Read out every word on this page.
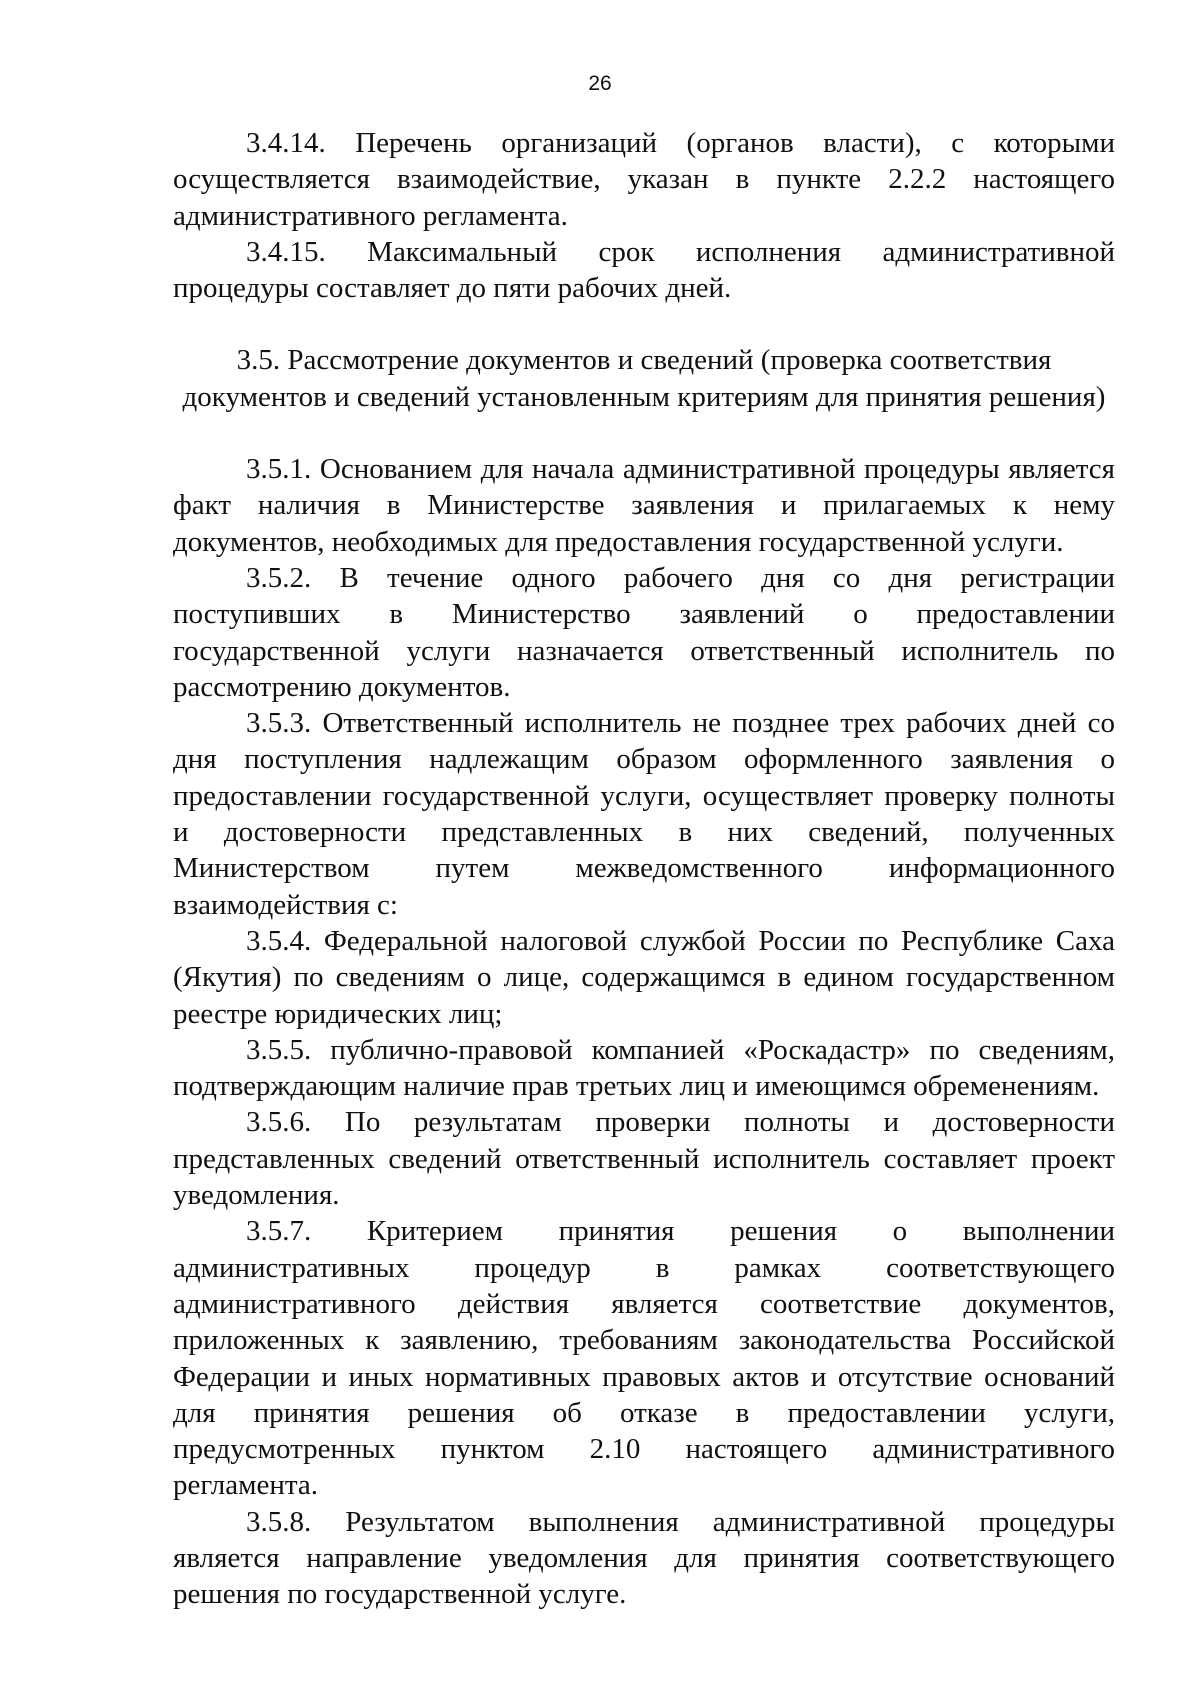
26

3.4.14. Перечень организаций (органов власти), с которыми осуществляется взаимодействие, указан в пункте 2.2.2 настоящего административного регламента.

3.4.15. Максимальный срок исполнения административной процедуры составляет до пяти рабочих дней.

3.5. Рассмотрение документов и сведений (проверка соответствия
документов и сведений установленным критериям для принятия решения)

3.5.1. Основанием для начала административной процедуры является факт наличия в Министерстве заявления и прилагаемых к нему документов, необходимых для предоставления государственной услуги.

3.5.2. В течение одного рабочего дня со дня регистрации поступивших в Министерство заявлений о предоставлении государственной услуги назначается ответственный исполнитель по рассмотрению документов.

3.5.3. Ответственный исполнитель не позднее трех рабочих дней со дня поступления надлежащим образом оформленного заявления о предоставлении государственной услуги, осуществляет проверку полноты и достоверности представленных в них сведений, полученных Министерством путем межведомственного информационного взаимодействия с:

3.5.4. Федеральной налоговой службой России по Республике Саха (Якутия) по сведениям о лице, содержащимся в едином государственном реестре юридических лиц;

3.5.5. публично-правовой компанией «Роскадастр» по сведениям, подтверждающим наличие прав третьих лиц и имеющимся обременениям.

3.5.6. По результатам проверки полноты и достоверности представленных сведений ответственный исполнитель составляет проект уведомления.

3.5.7. Критерием принятия решения о выполнении административных процедур в рамках соответствующего административного действия является соответствие документов, приложенных к заявлению, требованиям законодательства Российской Федерации и иных нормативных правовых актов и отсутствие оснований для принятия решения об отказе в предоставлении услуги, предусмотренных пунктом 2.10 настоящего административного регламента.

3.5.8. Результатом выполнения административной процедуры является направление уведомления для принятия соответствующего решения по государственной услуге.
